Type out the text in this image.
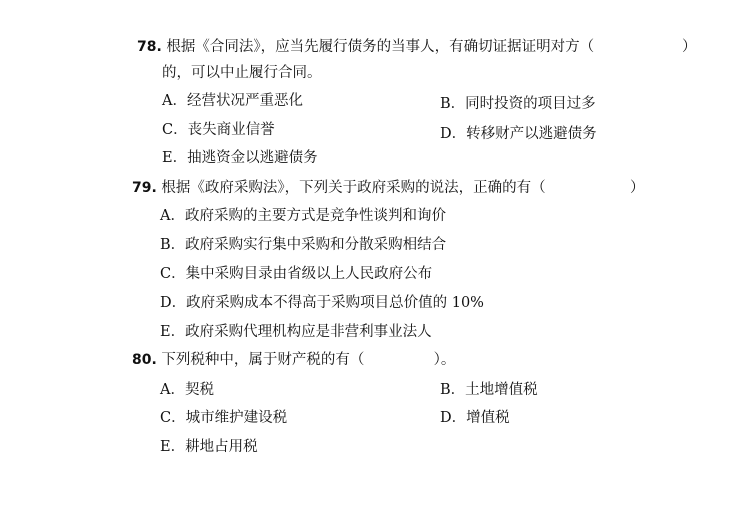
78. 根据《合同法》，应当先履行债务的当事人，有确切证据证明对方（	）
的，可以中止履行合同。
A．经营状况严重恶化	B．同时投资的项目过多
C．丧失商业信誉	D．转移财产以逃避债务
E．抽逃资金以逃避债务
79. 根据《政府采购法》，下列关于政府采购的说法，正确的有（	）
A．政府采购的主要方式是竞争性谈判和询价
B．政府采购实行集中采购和分散采购相结合
C．集中采购目录由省级以上人民政府公布
D．政府采购成本不得高于采购项目总价值的 10%
E．政府采购代理机构应是非营利事业法人
80. 下列税种中，属于财产税的有（	）。
A．契税	B．土地增值税
C．城市维护建设税	D．增值税
E．耕地占用税
